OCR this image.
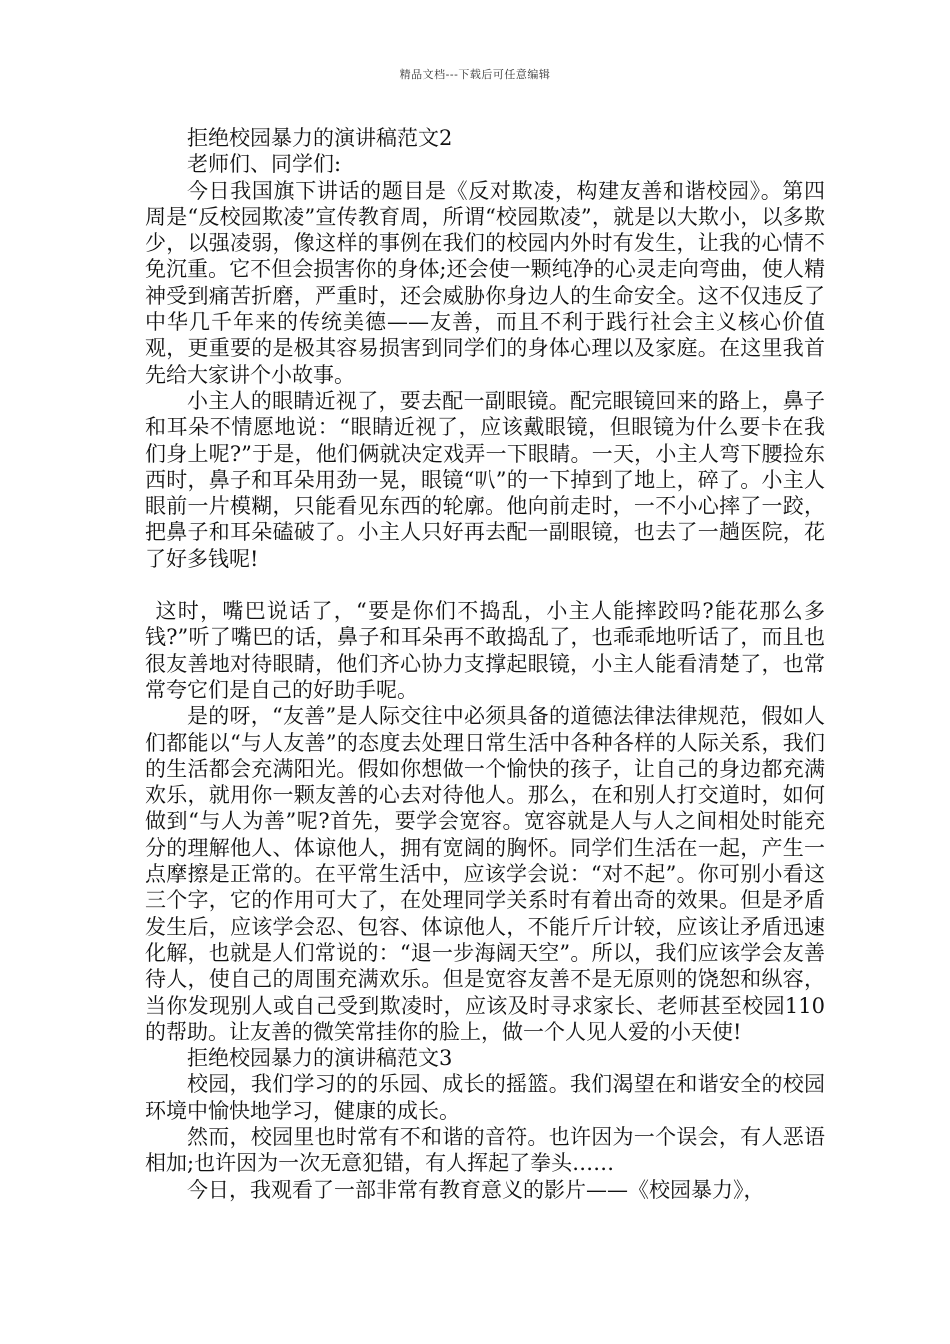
精品文档---下载后可任意编辑

拒绝校园暴力的演讲稿范文2

老师们、同学们:

今日我国旗下讲话的题目是《反对欺凌，构建友善和谐校园》。第四周是“反校园欺凌”宣传教育周，所谓“校园欺凌”，就是以大欺小，以多欺少，以强凌弱，像这样的事例在我们的校园内外时有发生，让我的心情不免沉重。它不但会损害你的身体;还会使一颗纯净的心灵走向弯曲，使人精神受到痛苦折磨，严重时，还会威胁你身边人的生命安全。这不仅违反了中华几千年来的传统美德——友善，而且不利于践行社会主义核心价值观，更重要的是极其容易损害到同学们的身体心理以及家庭。在这里我首先给大家讲个小故事。

小主人的眼睛近视了，要去配一副眼镜。配完眼镜回来的路上，鼻子和耳朵不情愿地说：“眼睛近视了，应该戴眼镜，但眼镜为什么要卡在我们身上呢?”于是，他们俩就决定戏弄一下眼睛。一天，小主人弯下腰捡东西时，鼻子和耳朵用劲一晃，眼镜“叭”的一下掉到了地上，碎了。小主人眼前一片模糊，只能看见东西的轮廓。他向前走时，一不小心摔了一跤，把鼻子和耳朵磕破了。小主人只好再去配一副眼镜，也去了一趟医院，花了好多钱呢!

这时，嘴巴说话了，“要是你们不捣乱，小主人能摔跤吗?能花那么多钱?”听了嘴巴的话，鼻子和耳朵再不敢捣乱了，也乖乖地听话了，而且也很友善地对待眼睛，他们齐心协力支撑起眼镜，小主人能看清楚了，也常常夸它们是自己的好助手呢。

是的呀，“友善”是人际交往中必须具备的道德法律法律规范，假如人们都能以“与人友善”的态度去处理日常生活中各种各样的人际关系，我们的生活都会充满阳光。假如你想做一个愉快的孩子，让自己的身边都充满欢乐，就用你一颗友善的心去对待他人。那么，在和别人打交道时，如何做到“与人为善”呢?首先，要学会宽容。宽容就是人与人之间相处时能充分的理解他人、体谅他人，拥有宽阔的胸怀。同学们生活在一起，产生一点摩擦是正常的。在平常生活中，应该学会说：“对不起”。你可别小看这三个字，它的作用可大了，在处理同学关系时有着出奇的效果。但是矛盾发生后，应该学会忍、包容、体谅他人，不能斤斤计较，应该让矛盾迅速化解，也就是人们常说的：“退一步海阔天空”。所以，我们应该学会友善待人，使自己的周围充满欢乐。但是宽容友善不是无原则的饶恕和纵容，当你发现别人或自己受到欺凌时，应该及时寻求家长、老师甚至校园110的帮助。让友善的微笑常挂你的脸上，做一个人见人爱的小天使!

拒绝校园暴力的演讲稿范文3

校园，我们学习的的乐园、成长的摇篮。我们渴望在和谐安全的校园环境中愉快地学习，健康的成长。

然而，校园里也时常有不和谐的音符。也许因为一个误会，有人恶语相加;也许因为一次无意犯错，有人挥起了拳头……

今日，我观看了一部非常有教育意义的影片——《校园暴力》，
